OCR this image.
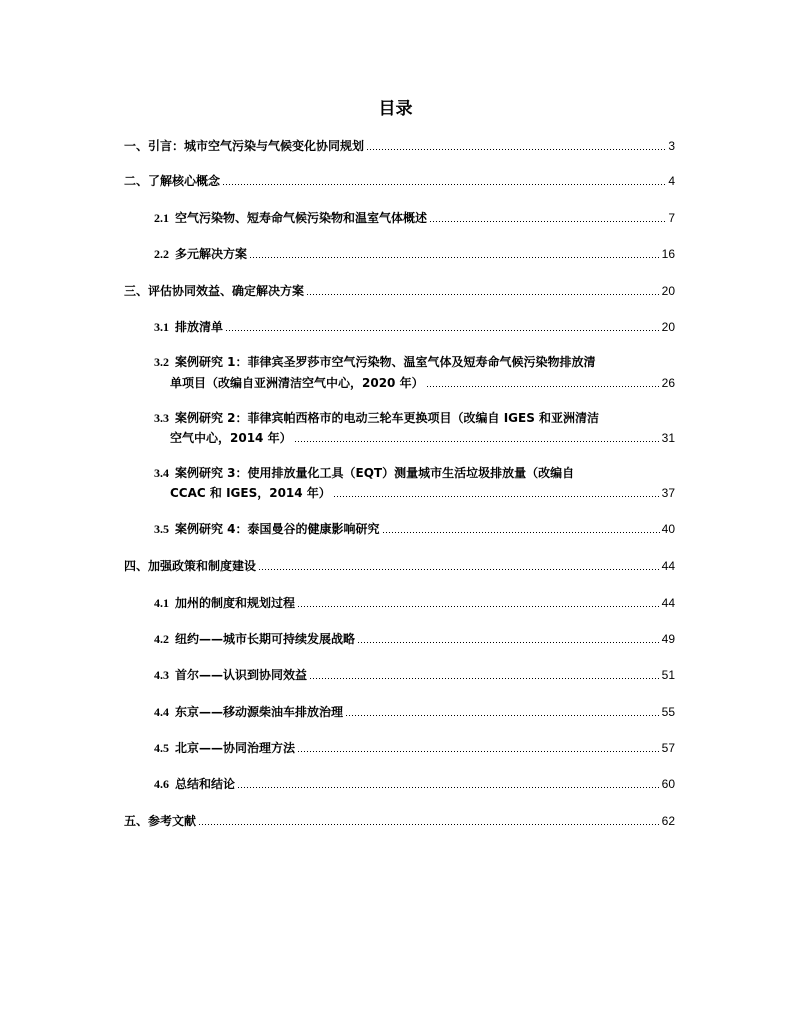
目录
一、引言：城市空气污染与气候变化协同规划	3
二、了解核心概念	4
2.1 空气污染物、短寿命气候污染物和温室气体概述	7
2.2 多元解决方案	16
三、评估协同效益、确定解决方案	20
3.1 排放清单	20
3.2 案例研究 1：菲律宾圣罗莎市空气污染物、温室气体及短寿命气候污染物排放清
单项目（改编自亚洲清洁空气中心，2020 年）	26
3.3 案例研究 2：菲律宾帕西格市的电动三轮车更换项目（改编自 IGES 和亚洲清洁
空气中心，2014 年）	31
3.4 案例研究 3：使用排放量化工具（EQT）测量城市生活垃圾排放量（改编自
CCAC 和 IGES，2014 年）	37
3.5 案例研究 4：泰国曼谷的健康影响研究	40
四、加强政策和制度建设	44
4.1 加州的制度和规划过程	44
4.2 纽约——城市长期可持续发展战略	49
4.3 首尔——认识到协同效益	51
4.4 东京——移动源柴油车排放治理	55
4.5 北京——协同治理方法	57
4.6 总结和结论	60
五、参考文献	62
